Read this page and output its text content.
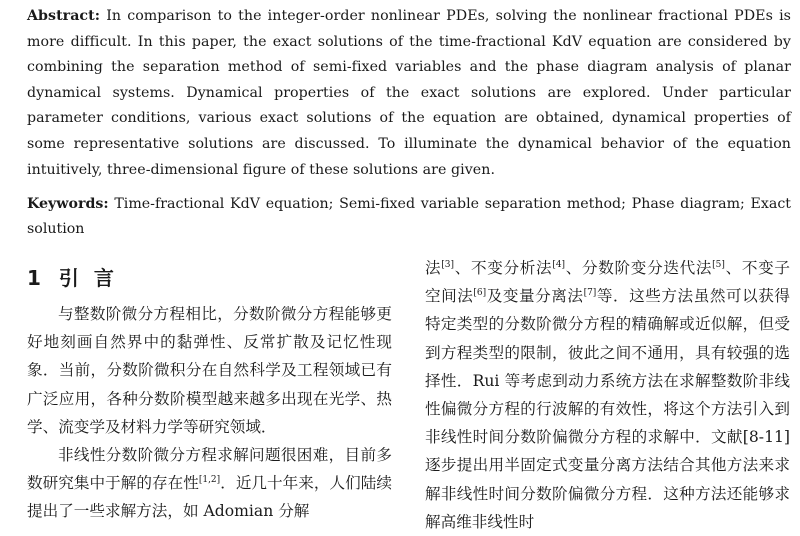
Abstract: In comparison to the integer-order nonlinear PDEs, solving the nonlinear fractional PDEs is more difficult. In this paper, the exact solutions of the time-fractional KdV equation are considered by combining the separation method of semi-fixed variables and the phase diagram analysis of planar dynamical systems. Dynamical properties of the exact solutions are explored. Under particular parameter conditions, various exact solutions of the equation are obtained, dynamical properties of some representative solutions are discussed. To illuminate the dynamical behavior of the equation intuitively, three-dimensional figure of these solutions are given.
Keywords: Time-fractional KdV equation; Semi-fixed variable separation method; Phase diagram; Exact solution
1 引 言

与整数阶微分方程相比，分数阶微分方程能够更好地刻画自然界中的黏弹性、反常扩散及记忆性现象．当前，分数阶微积分在自然科学及工程领域已有广泛应用，各种分数阶模型越来越多出现在光学、热学、流变学及材料力学等研究领域．

非线性分数阶微分方程求解问题很困难，目前多数研究集中于解的存在性[1,2]．近几十年来，人们陆续提出了一些求解方法，如 Adomian 分解

法[3]、不变分析法[4]、分数阶变分迭代法[5]、不变子空间法[6]及变量分离法[7]等．这些方法虽然可以获得特定类型的分数阶微分方程的精确解或近似解，但受到方程类型的限制，彼此之间不通用，具有较强的选择性．Rui 等考虑到动力系统方法在求解整数阶非线性偏微分方程的行波解的有效性，将这个方法引入到非线性时间分数阶偏微分方程的求解中．文献[8-11]逐步提出用半固定式变量分离方法结合其他方法来求解非线性时间分数阶偏微分方程．这种方法还能够求解高维非线性时
